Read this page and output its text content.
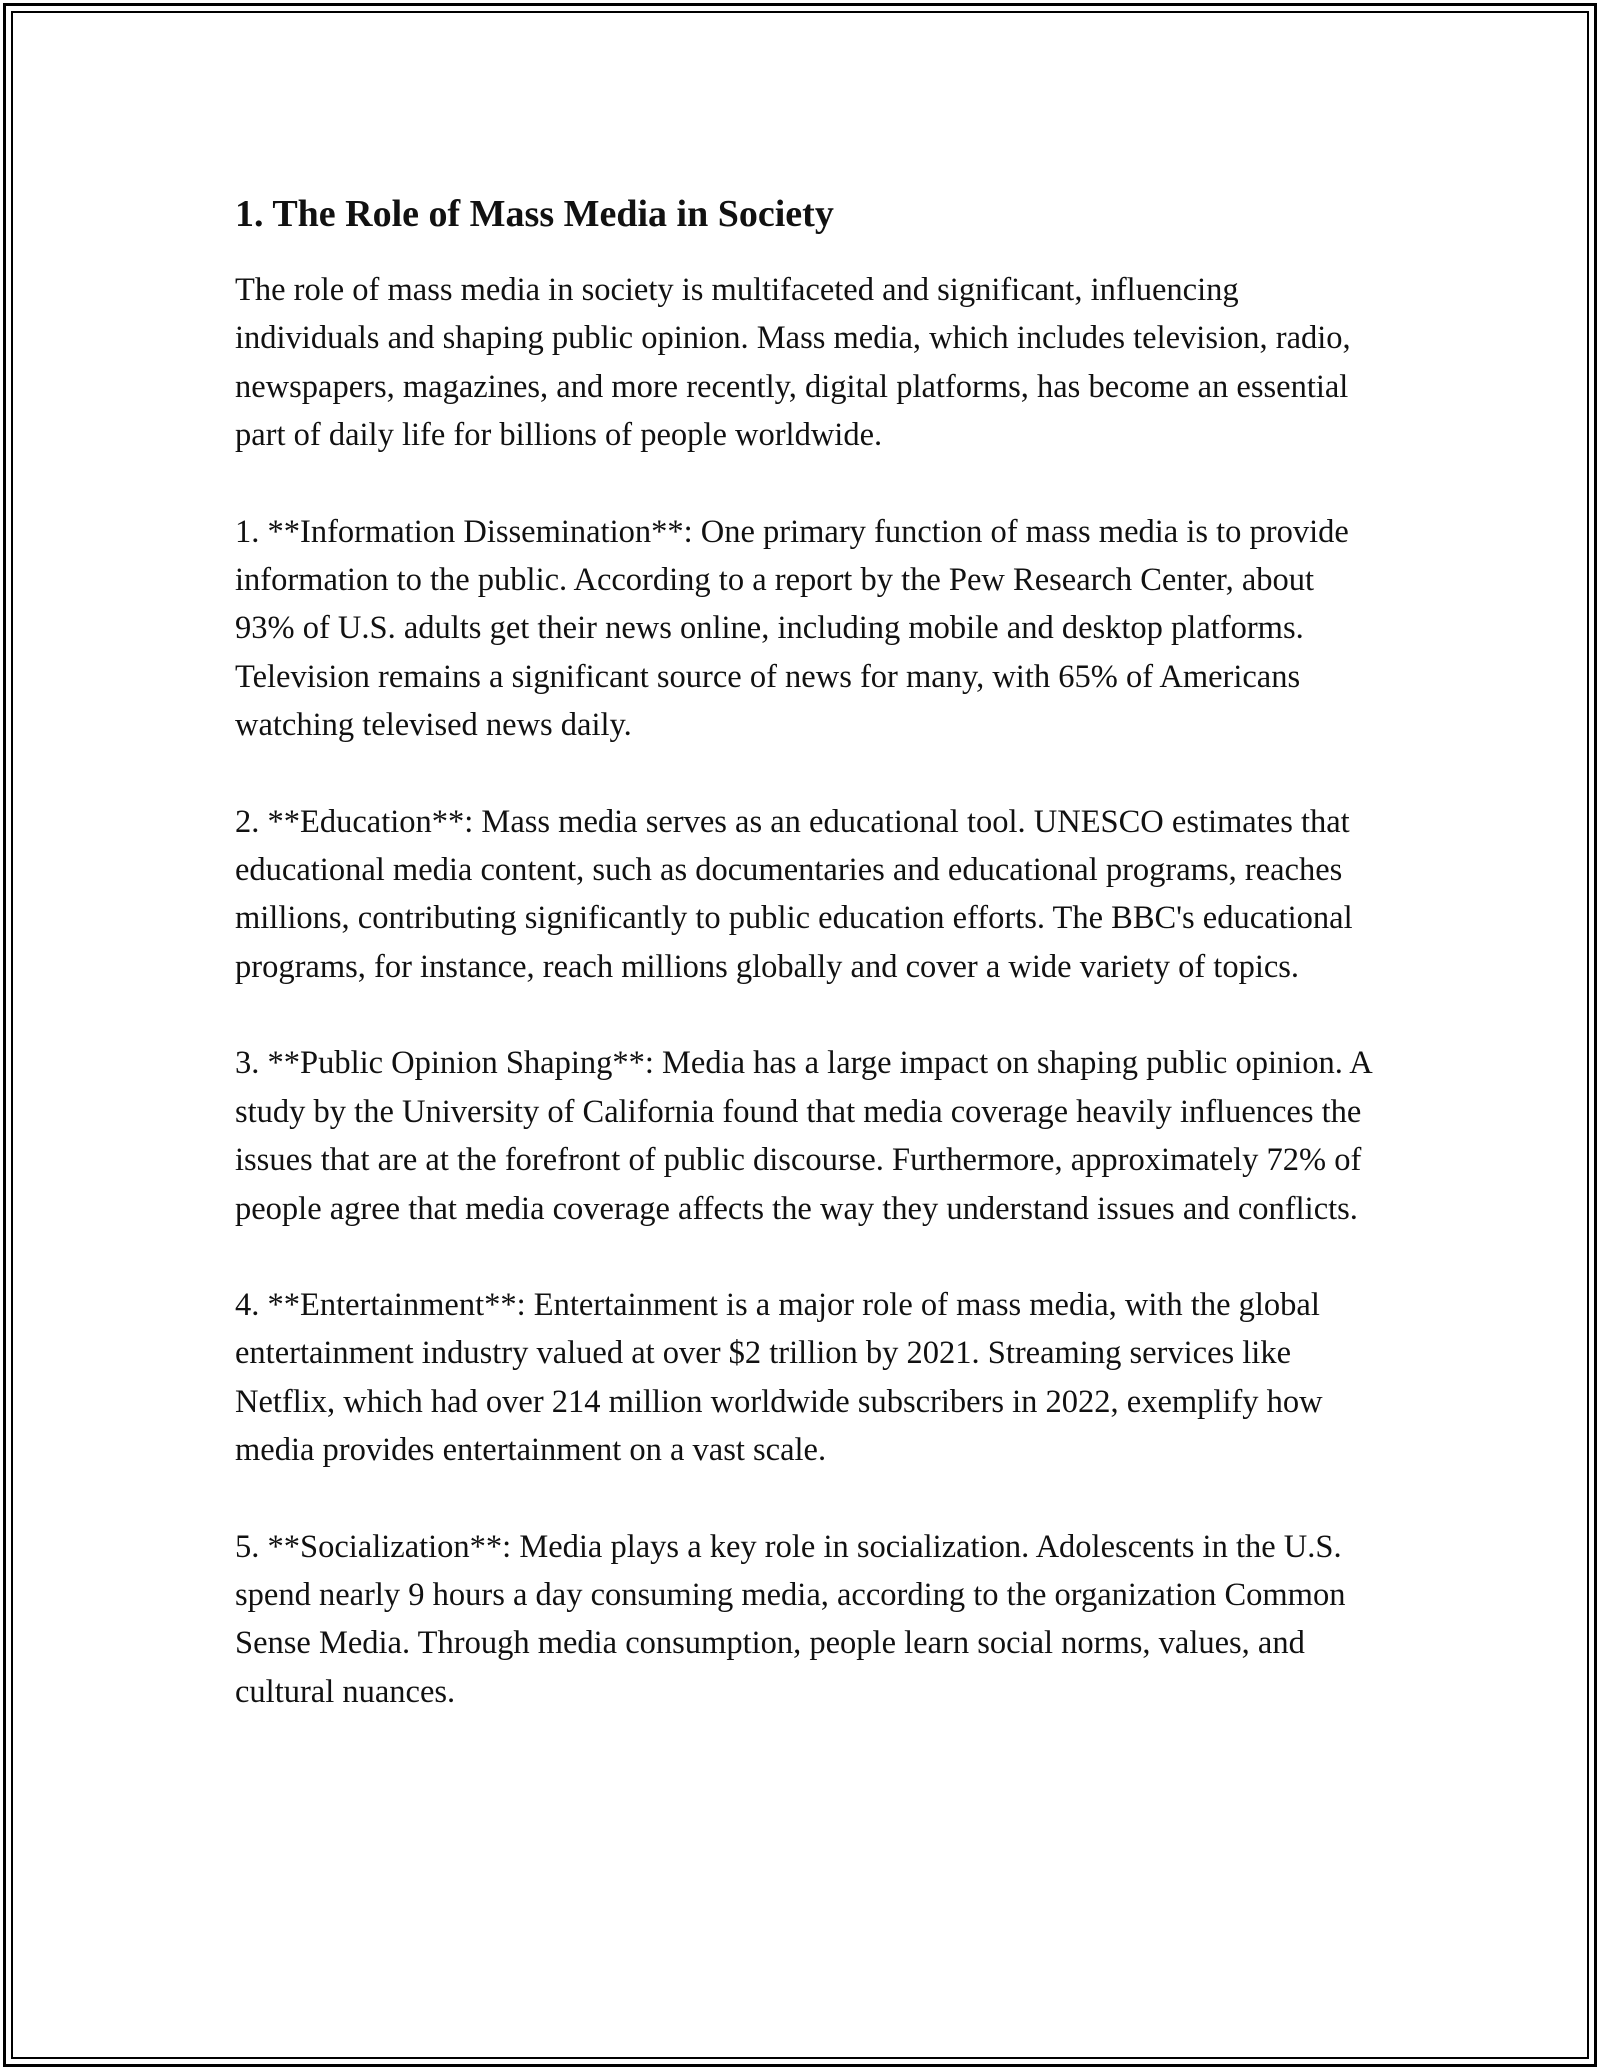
1. The Role of Mass Media in Society

The role of mass media in society is multifaceted and significant, influencing individuals and shaping public opinion. Mass media, which includes television, radio, newspapers, magazines, and more recently, digital platforms, has become an essential part of daily life for billions of people worldwide.

1. **Information Dissemination**: One primary function of mass media is to provide information to the public. According to a report by the Pew Research Center, about 93% of U.S. adults get their news online, including mobile and desktop platforms. Television remains a significant source of news for many, with 65% of Americans watching televised news daily.

2. **Education**: Mass media serves as an educational tool. UNESCO estimates that educational media content, such as documentaries and educational programs, reaches millions, contributing significantly to public education efforts. The BBC's educational programs, for instance, reach millions globally and cover a wide variety of topics.

3. **Public Opinion Shaping**: Media has a large impact on shaping public opinion. A study by the University of California found that media coverage heavily influences the issues that are at the forefront of public discourse. Furthermore, approximately 72% of people agree that media coverage affects the way they understand issues and conflicts.

4. **Entertainment**: Entertainment is a major role of mass media, with the global entertainment industry valued at over $2 trillion by 2021. Streaming services like Netflix, which had over 214 million worldwide subscribers in 2022, exemplify how media provides entertainment on a vast scale.

5. **Socialization**: Media plays a key role in socialization. Adolescents in the U.S. spend nearly 9 hours a day consuming media, according to the organization Common Sense Media. Through media consumption, people learn social norms, values, and cultural nuances.
